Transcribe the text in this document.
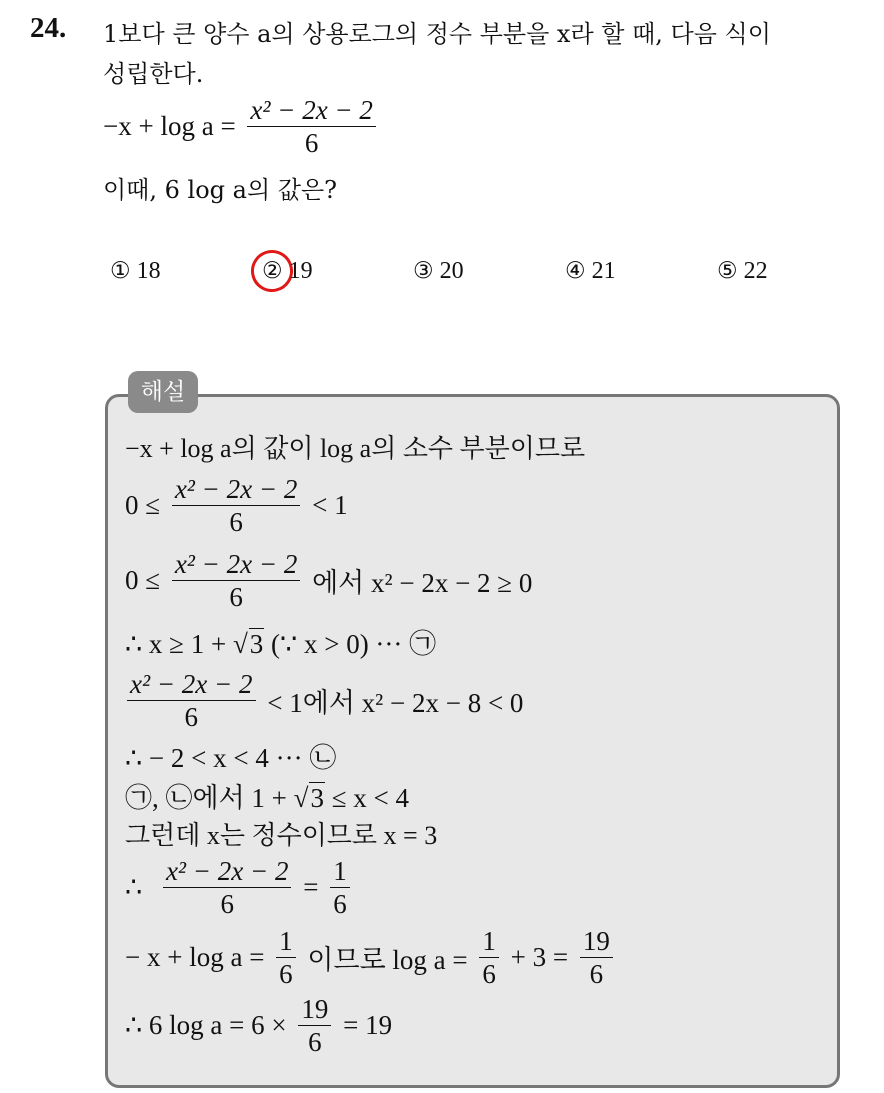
24. 1보다 큰 양수 a의 상용로그의 정수 부분을 x라 할 때, 다음 식이
성립한다.
$-x + \log a = \frac{\text{x² − 2x − 2}}{6}$
이때, 6 log a의 값은?
① 18	② 19	③ 20	④ 21	⑤ 22
해설
−x + log a의 값이 log a의 소수 부분이므로
$0 \le \frac{\text{x² − 2x − 2}}{6} < 1$
$0 \le \frac{\text{x² − 2x − 2}}{6}$ 에서 x² − 2x − 2 ≥ 0
∴ x ≥ 1 + √3 (∵ x > 0) ··· ㉠
$\frac{\text{x² − 2x − 2}}{6} < 1$에서 x² − 2x − 8 < 0
∴ − 2 < x < 4 ··· ㉡
㉠, ㉡에서 1 + √3 ≤ x < 4
그런데 x는 정수이므로 x = 3
∴ $\frac{\text{x² − 2x − 2}}{6} = \frac{1}{6}$
− $x + \log a = \frac{1}{6}$ 이므로 $\log a = \frac{1}{6} + 3 = \frac{19}{6}$
∴ 6 $\log a = 6 \times \frac{19}{6} = 19$
